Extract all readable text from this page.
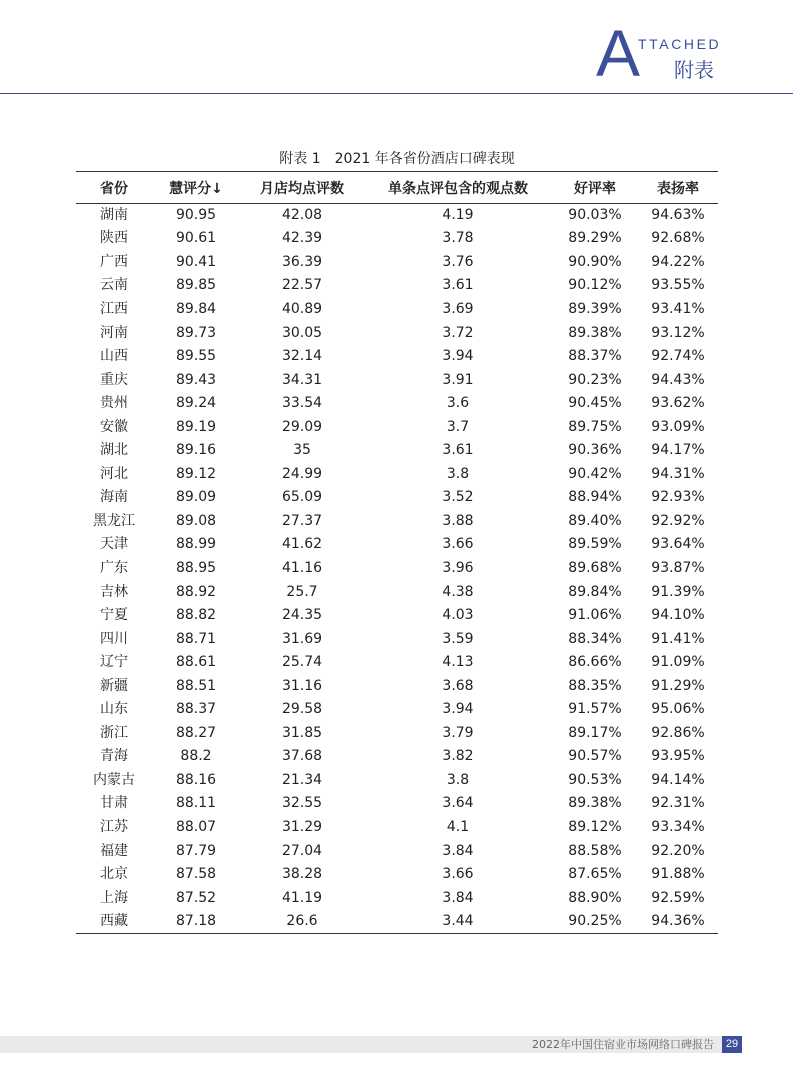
A
TTACHED
附表
附表 1　2021 年各省份酒店口碑表现
省份	慧评分↓	月店均点评数	单条点评包含的观点数	好评率	表扬率
湖南	90.95	42.08	4.19	90.03%	94.63%
陕西	90.61	42.39	3.78	89.29%	92.68%
广西	90.41	36.39	3.76	90.90%	94.22%
云南	89.85	22.57	3.61	90.12%	93.55%
江西	89.84	40.89	3.69	89.39%	93.41%
河南	89.73	30.05	3.72	89.38%	93.12%
山西	89.55	32.14	3.94	88.37%	92.74%
重庆	89.43	34.31	3.91	90.23%	94.43%
贵州	89.24	33.54	3.6	90.45%	93.62%
安徽	89.19	29.09	3.7	89.75%	93.09%
湖北	89.16	35	3.61	90.36%	94.17%
河北	89.12	24.99	3.8	90.42%	94.31%
海南	89.09	65.09	3.52	88.94%	92.93%
黑龙江	89.08	27.37	3.88	89.40%	92.92%
天津	88.99	41.62	3.66	89.59%	93.64%
广东	88.95	41.16	3.96	89.68%	93.87%
吉林	88.92	25.7	4.38	89.84%	91.39%
宁夏	88.82	24.35	4.03	91.06%	94.10%
四川	88.71	31.69	3.59	88.34%	91.41%
辽宁	88.61	25.74	4.13	86.66%	91.09%
新疆	88.51	31.16	3.68	88.35%	91.29%
山东	88.37	29.58	3.94	91.57%	95.06%
浙江	88.27	31.85	3.79	89.17%	92.86%
青海	88.2	37.68	3.82	90.57%	93.95%
内蒙古	88.16	21.34	3.8	90.53%	94.14%
甘肃	88.11	32.55	3.64	89.38%	92.31%
江苏	88.07	31.29	4.1	89.12%	93.34%
福建	87.79	27.04	3.84	88.58%	92.20%
北京	87.58	38.28	3.66	87.65%	91.88%
上海	87.52	41.19	3.84	88.90%	92.59%
西藏	87.18	26.6	3.44	90.25%	94.36%
2022年中国住宿业市场网络口碑报告	29
